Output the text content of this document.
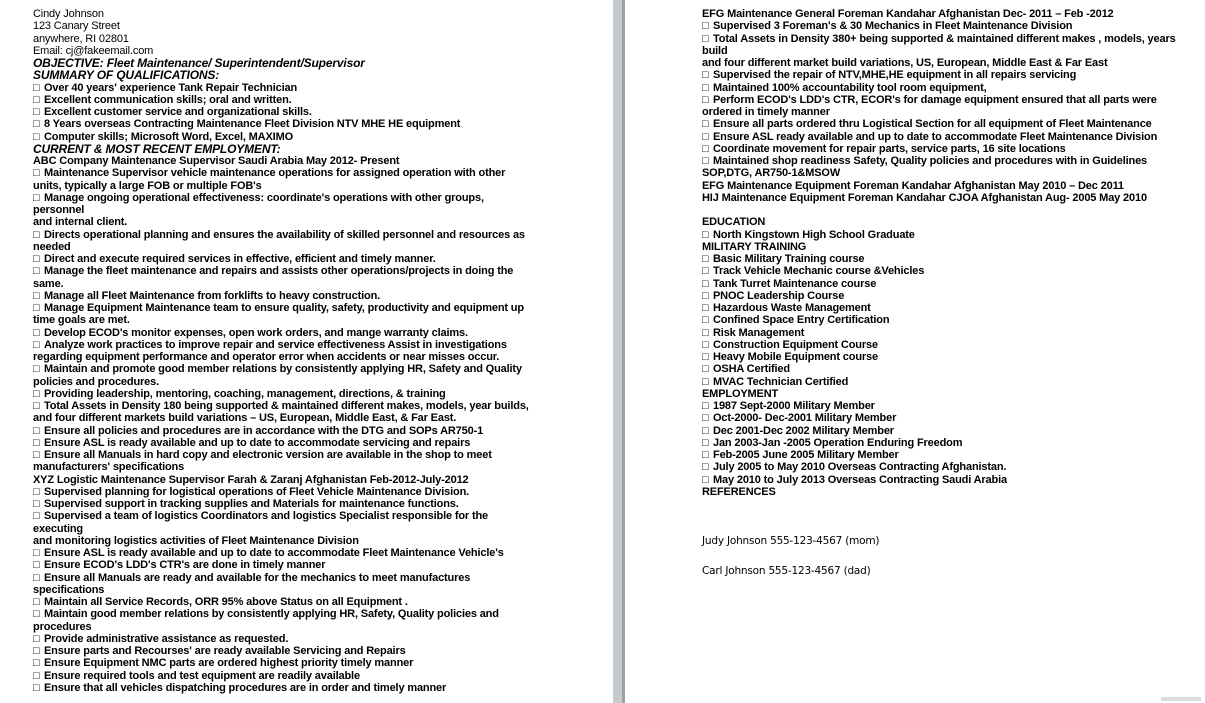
Cindy Johnson
123 Canary Street
anywhere, RI 02801
Email: cj@fakeemail.com
OBJECTIVE: Fleet Maintenance/ Superintendent/Supervisor
SUMMARY OF QUALIFICATIONS:
□ Over 40 years' experience Tank Repair Technician
□ Excellent communication skills; oral and written.
□ Excellent customer service and organizational skills.
□ 8 Years overseas Contracting Maintenance Fleet Division NTV MHE HE equipment
□ Computer skills; Microsoft Word, Excel, MAXIMO
CURRENT & MOST RECENT EMPLOYMENT:
ABC Company Maintenance Supervisor Saudi Arabia May 2012- Present
□ Maintenance Supervisor vehicle maintenance operations for assigned operation with other
units, typically a large FOB or multiple FOB's
□ Manage ongoing operational effectiveness: coordinate's operations with other groups,
personnel
and internal client.
□ Directs operational planning and ensures the availability of skilled personnel and resources as
needed
□ Direct and execute required services in effective, efficient and timely manner.
□ Manage the fleet maintenance and repairs and assists other operations/projects in doing the
same.
□ Manage all Fleet Maintenance from forklifts to heavy construction.
□ Manage Equipment Maintenance team to ensure quality, safety, productivity and equipment up
time goals are met.
□ Develop ECOD's monitor expenses, open work orders, and mange warranty claims.
□ Analyze work practices to improve repair and service effectiveness Assist in investigations
regarding equipment performance and operator error when accidents or near misses occur.
□ Maintain and promote good member relations by consistently applying HR, Safety and Quality
policies and procedures.
□ Providing leadership, mentoring, coaching, management, directions, & training
□ Total Assets in Density 180 being supported & maintained different makes, models, year builds,
and four different markets build variations – US, European, Middle East, & Far East.
□ Ensure all policies and procedures are in accordance with the DTG and SOPs AR750-1
□ Ensure ASL is ready available and up to date to accommodate servicing and repairs
□ Ensure all Manuals in hard copy and electronic version are available in the shop to meet
manufacturers' specifications
XYZ Logistic Maintenance Supervisor Farah & Zaranj Afghanistan Feb-2012-July-2012
□ Supervised planning for logistical operations of Fleet Vehicle Maintenance Division.
□ Supervised support in tracking supplies and Materials for maintenance functions.
□ Supervised a team of logistics Coordinators and logistics Specialist responsible for the
executing
and monitoring logistics activities of Fleet Maintenance Division
□ Ensure ASL is ready available and up to date to accommodate Fleet Maintenance Vehicle's
□ Ensure ECOD's LDD's CTR's are done in timely manner
□ Ensure all Manuals are ready and available for the mechanics to meet manufactures
specifications
□ Maintain all Service Records, ORR 95% above Status on all Equipment .
□ Maintain good member relations by consistently applying HR, Safety, Quality policies and
procedures
□ Provide administrative assistance as requested.
□ Ensure parts and Recourses' are ready available Servicing and Repairs
□ Ensure Equipment NMC parts are ordered highest priority timely manner
□ Ensure required tools and test equipment are readily available
□ Ensure that all vehicles dispatching procedures are in order and timely manner
EFG Maintenance General Foreman Kandahar Afghanistan Dec- 2011 – Feb -2012
□ Supervised 3 Foreman's & 30 Mechanics in Fleet Maintenance Division
□ Total Assets in Density 380+ being supported & maintained different makes , models, years
build
and four different market build variations, US, European, Middle East & Far East
□ Supervised the repair of NTV,MHE,HE equipment in all repairs servicing
□ Maintained 100% accountability tool room equipment,
□ Perform ECOD's LDD's CTR, ECOR's for damage equipment ensured that all parts were
ordered in timely manner
□ Ensure all parts ordered thru Logistical Section for all equipment of Fleet Maintenance
□ Ensure ASL ready available and up to date to accommodate Fleet Maintenance Division
□ Coordinate movement for repair parts, service parts, 16 site locations
□ Maintained shop readiness Safety, Quality policies and procedures with in Guidelines
SOP,DTG, AR750-1&MSOW
EFG Maintenance Equipment Foreman Kandahar Afghanistan May 2010 – Dec 2011
HIJ Maintenance Equipment Foreman Kandahar CJOA Afghanistan Aug- 2005 May 2010
EDUCATION
□ North Kingstown High School Graduate
MILITARY TRAINING
□ Basic Military Training course
□ Track Vehicle Mechanic course &Vehicles
□ Tank Turret Maintenance course
□ PNOC Leadership Course
□ Hazardous Waste Management
□ Confined Space Entry Certification
□ Risk Management
□ Construction Equipment Course
□ Heavy Mobile Equipment course
□ OSHA Certified
□ MVAC Technician Certified
EMPLOYMENT
□ 1987 Sept-2000 Military Member
□ Oct-2000- Dec-2001 Military Member
□ Dec 2001-Dec 2002 Military Member
□ Jan 2003-Jan -2005 Operation Enduring Freedom
□ Feb-2005 June 2005 Military Member
□ July 2005 to May 2010 Overseas Contracting Afghanistan.
□ May 2010 to July 2013 Overseas Contracting Saudi Arabia
REFERENCES
Judy Johnson 555-123-4567 (mom)
Carl Johnson 555-123-4567 (dad)
